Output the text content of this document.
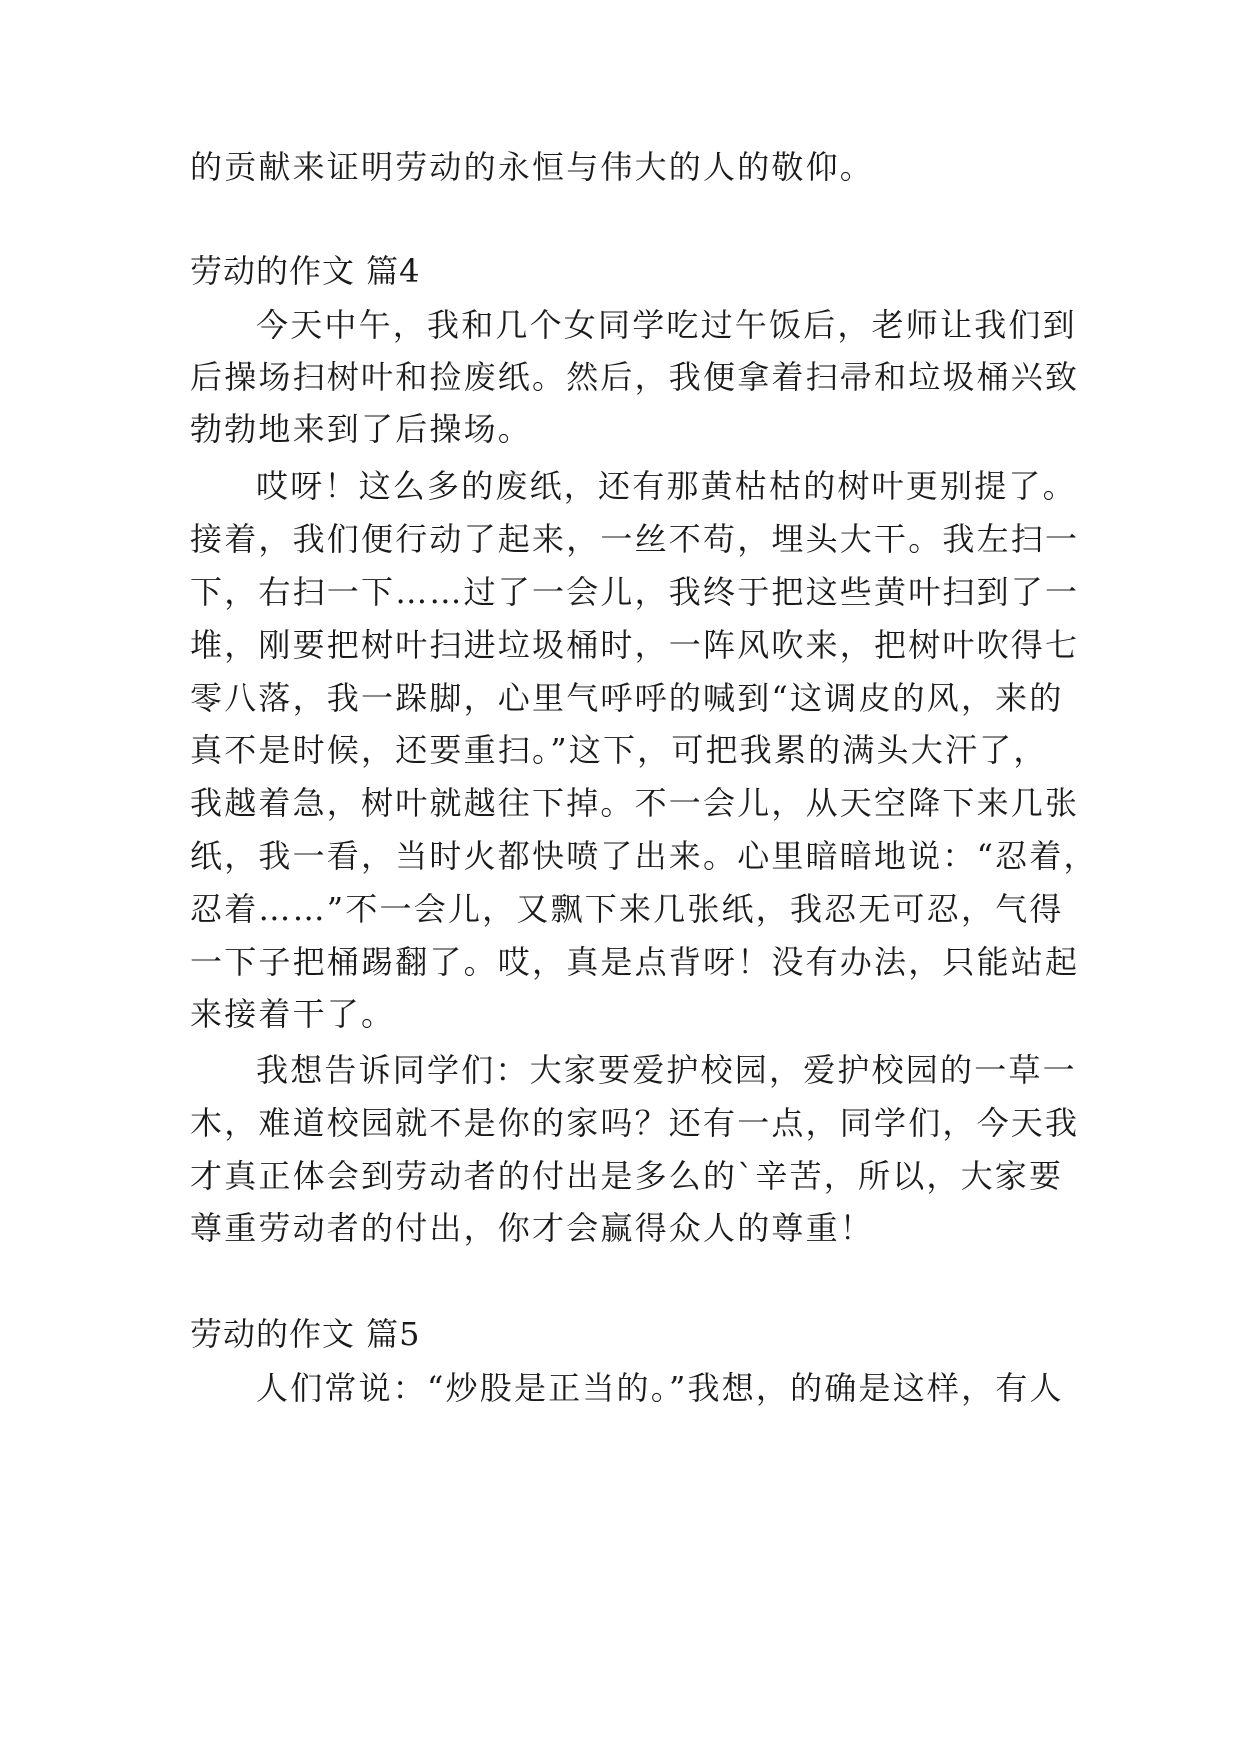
的贡献来证明劳动的永恒与伟大的人的敬仰。
劳动的作文 篇4
今天中午，我和几个女同学吃过午饭后，老师让我们到
后操场扫树叶和捡废纸。然后，我便拿着扫帚和垃圾桶兴致
勃勃地来到了后操场。
哎呀！这么多的废纸，还有那黄枯枯的树叶更别提了。
接着，我们便行动了起来，一丝不苟，埋头大干。我左扫一
下，右扫一下……过了一会儿，我终于把这些黄叶扫到了一
堆，刚要把树叶扫进垃圾桶时，一阵风吹来，把树叶吹得七
零八落，我一跺脚，心里气呼呼的喊到“这调皮的风，来的
真不是时候，还要重扫。”这下，可把我累的满头大汗了，
我越着急，树叶就越往下掉。不一会儿，从天空降下来几张
纸，我一看，当时火都快喷了出来。心里暗暗地说：“忍着，
忍着……”不一会儿，又飘下来几张纸，我忍无可忍，气得
一下子把桶踢翻了。哎，真是点背呀！没有办法，只能站起
来接着干了。
我想告诉同学们：大家要爱护校园，爱护校园的一草一
木，难道校园就不是你的家吗？还有一点，同学们，今天我
才真正体会到劳动者的付出是多么的`辛苦，所以，大家要
尊重劳动者的付出，你才会赢得众人的尊重！
劳动的作文 篇5
人们常说：“炒股是正当的。”我想，的确是这样，有人
